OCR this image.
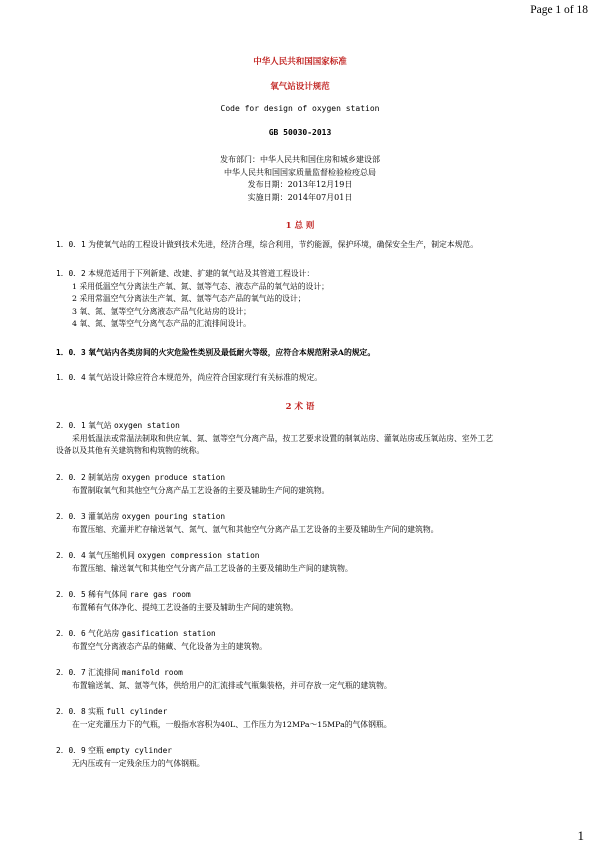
Page 1 of 18
中华人民共和国国家标准
氧气站设计规范
Code for design of oxygen station
GB 50030-2013
发布部门：中华人民共和国住房和城乡建设部
中华人民共和国国家质量监督检验检疫总局
发布日期：2013年12月19日
实施日期：2014年07月01日
1 总 则
1．0．1 为使氧气站的工程设计做到技术先进，经济合理，综合利用，节约能源，保护环境，确保安全生产，制定本规范。
1．0．2 本规范适用于下列新建、改建、扩建的氧气站及其管道工程设计：
1 采用低温空气分离法生产氧、氮、氩等气态、液态产品的氧气站的设计；
2 采用常温空气分离法生产氧、氮、氩等气态产品的氧气站的设计；
3 氧、氮、氩等空气分离液态产品气化站房的设计；
4 氧、氮、氩等空气分离气态产品的汇流排间设计。
1．0．3 氧气站内各类房间的火灾危险性类别及最低耐火等级，应符合本规范附录A的规定。
1．0．4 氧气站设计除应符合本规范外，尚应符合国家现行有关标准的规定。
2 术 语
2．0．1 氧气站 oxygen station
采用低温法或常温法制取和供应氧、氮、氩等空气分离产品，按工艺要求设置的制氧站房、灌氧站房或压氧站房、室外工艺
设备以及其他有关建筑物和构筑物的统称。
2．0．2 制氧站房 oxygen produce station
布置制取氧气和其他空气分离产品工艺设备的主要及辅助生产间的建筑物。
2．0．3 灌氧站房 oxygen pouring station
布置压缩、充灌并贮存输送氧气、氮气、氩气和其他空气分离产品工艺设备的主要及辅助生产间的建筑物。
2．0．4 氧气压缩机间 oxygen compression station
布置压缩、输送氧气和其他空气分离产品工艺设备的主要及辅助生产间的建筑物。
2．0．5 稀有气体间 rare gas room
布置稀有气体净化、提纯工艺设备的主要及辅助生产间的建筑物。
2．0．6 气化站房 gasification station
布置空气分离液态产品的储藏、气化设备为主的建筑物。
2．0．7 汇流排间 manifold room
布置输送氧、氮、氩等气体，供给用户的汇流排或气瓶集装格，并可存放一定气瓶的建筑物。
2．0．8 实瓶 full cylinder
在一定充灌压力下的气瓶，一般指水容积为40L、工作压力为12MPa～15MPa的气体钢瓶。
2．0．9 空瓶 empty cylinder
无内压或有一定残余压力的气体钢瓶。
1
